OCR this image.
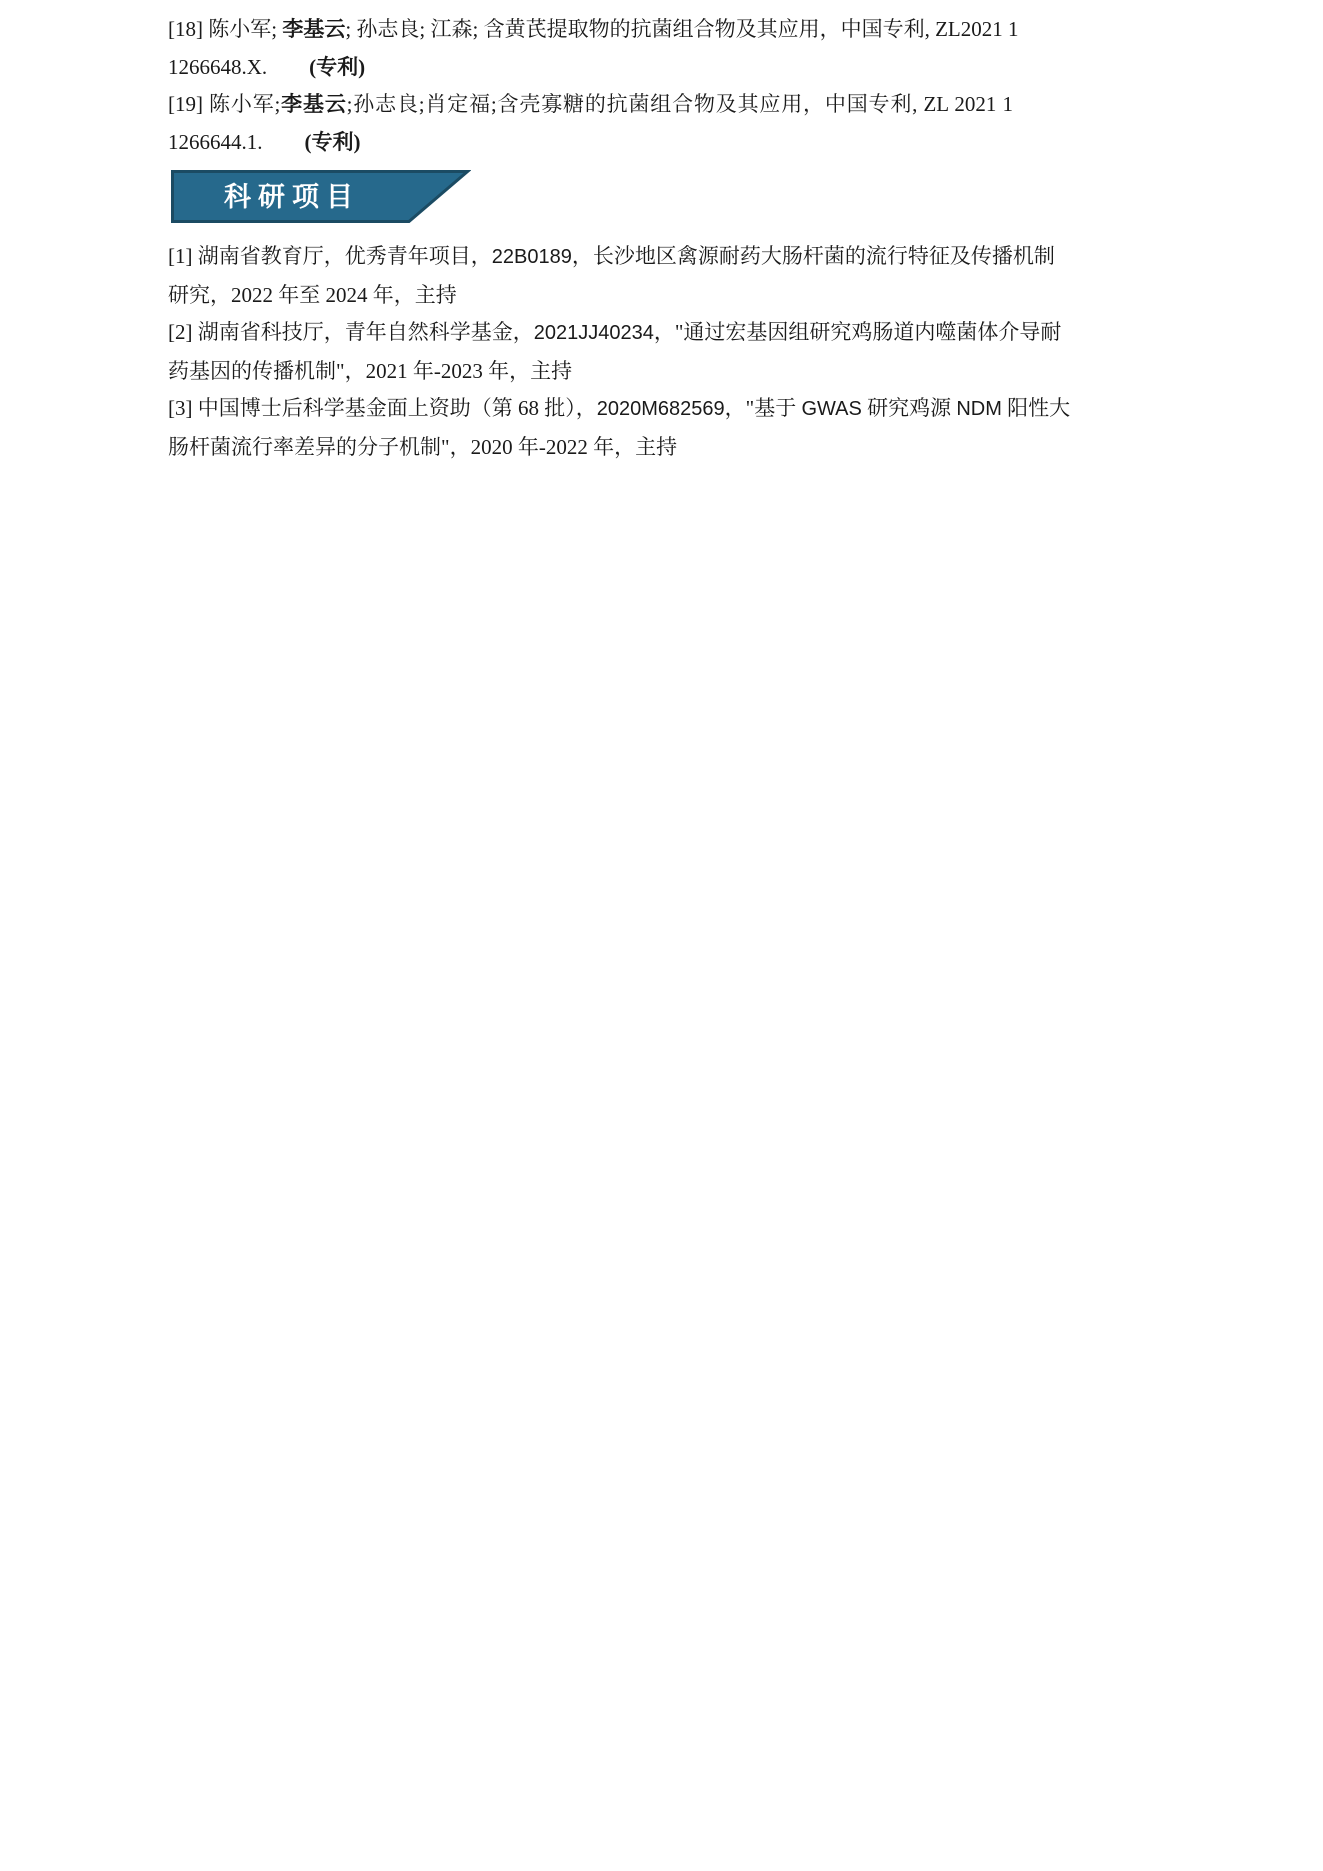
[18] 陈小军; 李基云; 孙志良; 江森; 含黄芪提取物的抗菌组合物及其应用，中国专利, ZL2021 1
1266648.X. (专利)
[19] 陈小军;李基云;孙志良;肖定福;含壳寡糖的抗菌组合物及其应用，中国专利, ZL 2021 1
1266644.1. (专利)
科研项目
[1] 湖南省教育厅，优秀青年项目，22B0189，长沙地区禽源耐药大肠杆菌的流行特征及传播机制
研究，2022 年至 2024 年，主持
[2] 湖南省科技厅，青年自然科学基金，2021JJ40234，"通过宏基因组研究鸡肠道内噬菌体介导耐
药基因的传播机制"，2021 年-2023 年，主持
[3] 中国博士后科学基金面上资助（第 68 批），2020M682569，"基于 GWAS 研究鸡源 NDM 阳性大
肠杆菌流行率差异的分子机制"，2020 年-2022 年，主持
